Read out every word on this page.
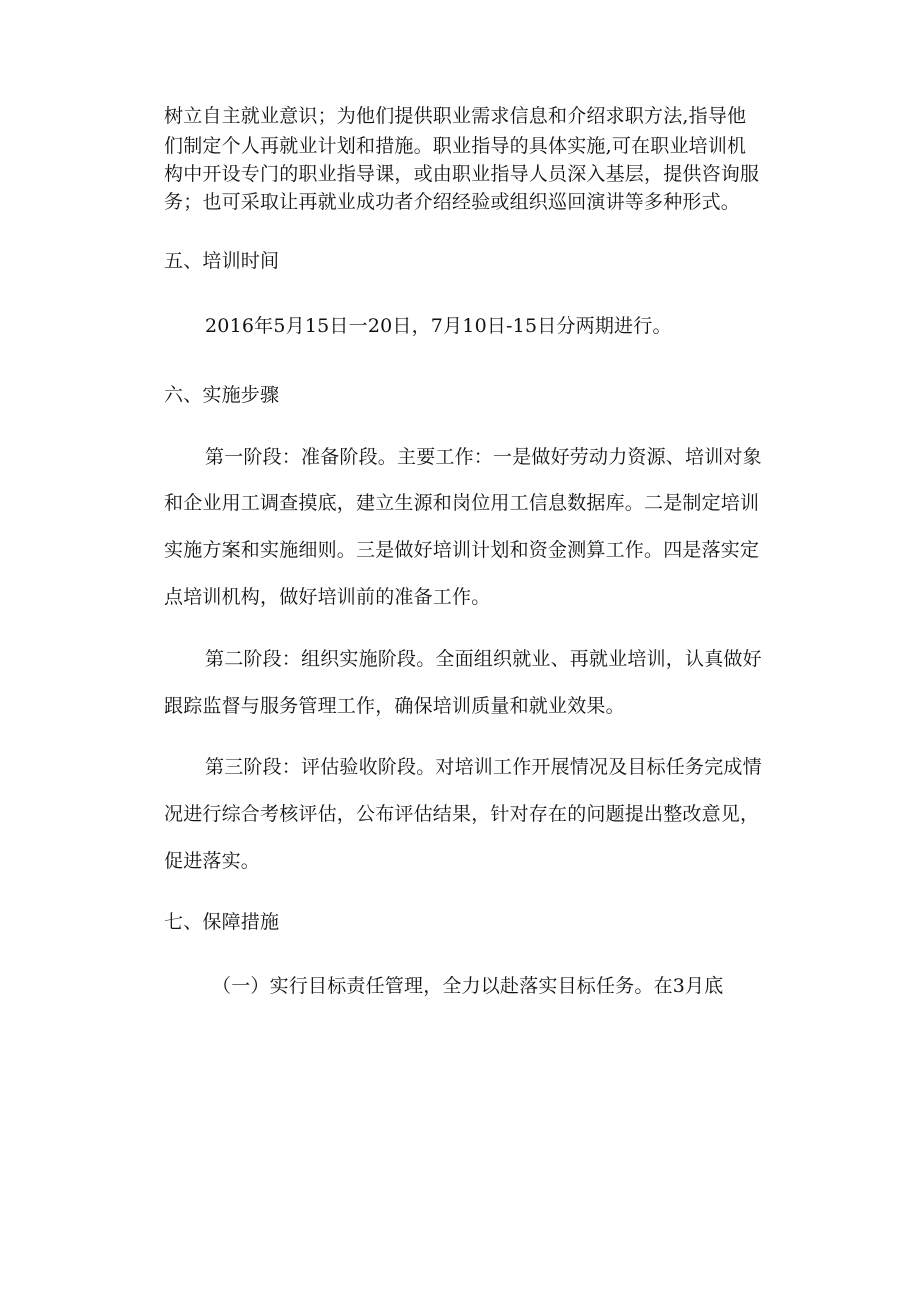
树立自主就业意识；为他们提供职业需求信息和介绍求职方法,指导他
们制定个人再就业计划和措施。职业指导的具体实施,可在职业培训机
构中开设专门的职业指导课，或由职业指导人员深入基层，提供咨询服
务；也可采取让再就业成功者介绍经验或组织巡回演讲等多种形式。
五、培训时间
2016年5月15日一20日，7月10日-15日分两期进行。
六、实施步骤
第一阶段：准备阶段。主要工作：一是做好劳动力资源、培训对象
和企业用工调查摸底，建立生源和岗位用工信息数据库。二是制定培训
实施方案和实施细则。三是做好培训计划和资金测算工作。四是落实定
点培训机构，做好培训前的准备工作。
第二阶段：组织实施阶段。全面组织就业、再就业培训，认真做好
跟踪监督与服务管理工作，确保培训质量和就业效果。
第三阶段：评估验收阶段。对培训工作开展情况及目标任务完成情
况进行综合考核评估，公布评估结果，针对存在的问题提出整改意见，
促进落实。
七、保障措施
（一）实行目标责任管理，全力以赴落实目标任务。在3月底
